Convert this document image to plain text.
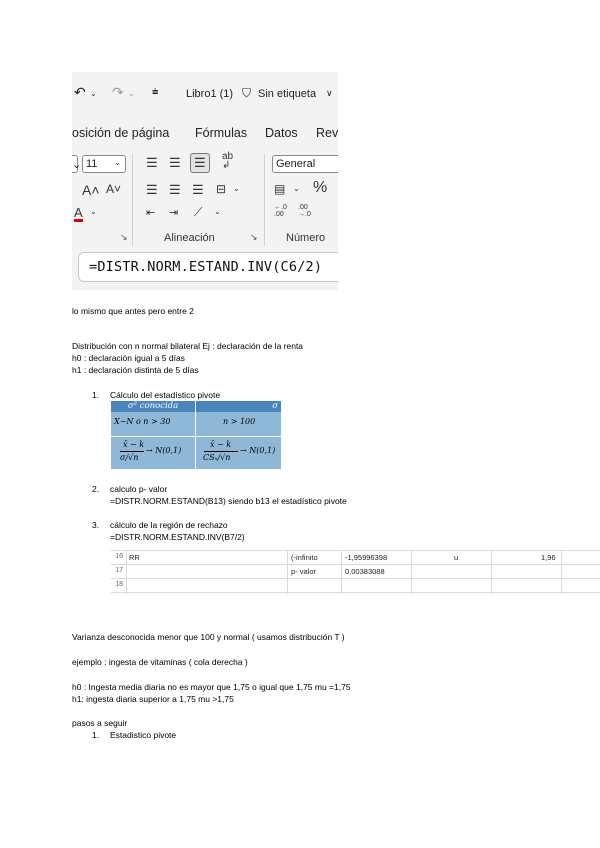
↶ ⌄ ↷ ⌄ ⩧	Libro1 (1) ⛉ Sin etiqueta ∨
osición de página Fórmulas Datos Rev
⌄ 11 ⌄
A˄ A˅
A ⌄
↘
☰ ☰	☰	ab
↲
☰ ☰ ☰ ⊟ ⌄
⇤ ⇥ ⟋ ⌄
Alineación	↘
General
▤ ⌄ %
←.0
.00
.00
→.0
Número
=DISTR.NORM.ESTAND.INV(C6/2)
lo mismo que antes pero entre 2
Distribución con n normal bilateral Ej : declaración de la renta
h0 : declaración igual a 5 días
h1 : declaración distinta de 5 días
1. Cálculo del estadístico pivote
σ² conocida	σ
X~N o n > 30	n > 100
x̄ − k
σ/√n
→ N(0,1)
x̄ − k
CSₓ/√n
→ N(0,1)
2. calculo p- valor
=DISTR.NORM.ESTAND(B13) siendo b13 el estadístico pivote
3. cálculo de la región de rechazo
=DISTR.NORM.ESTAND.INV(B7/2)
16
17
18
RR	(-infinito	-1,95996398	u	1,96
p- valor	0,00383088
Varianza desconocida menor que 100 y normal ( usamos distribución T )
ejemplo : ingesta de vitaminas ( cola derecha )
h0 : Ingesta media diaria no es mayor que 1,75 o igual que 1,75 mu =1,75
h1: ingesta diaria superior a 1,75 mu >1,75
pasos a seguir
1. Estadistico pivote
